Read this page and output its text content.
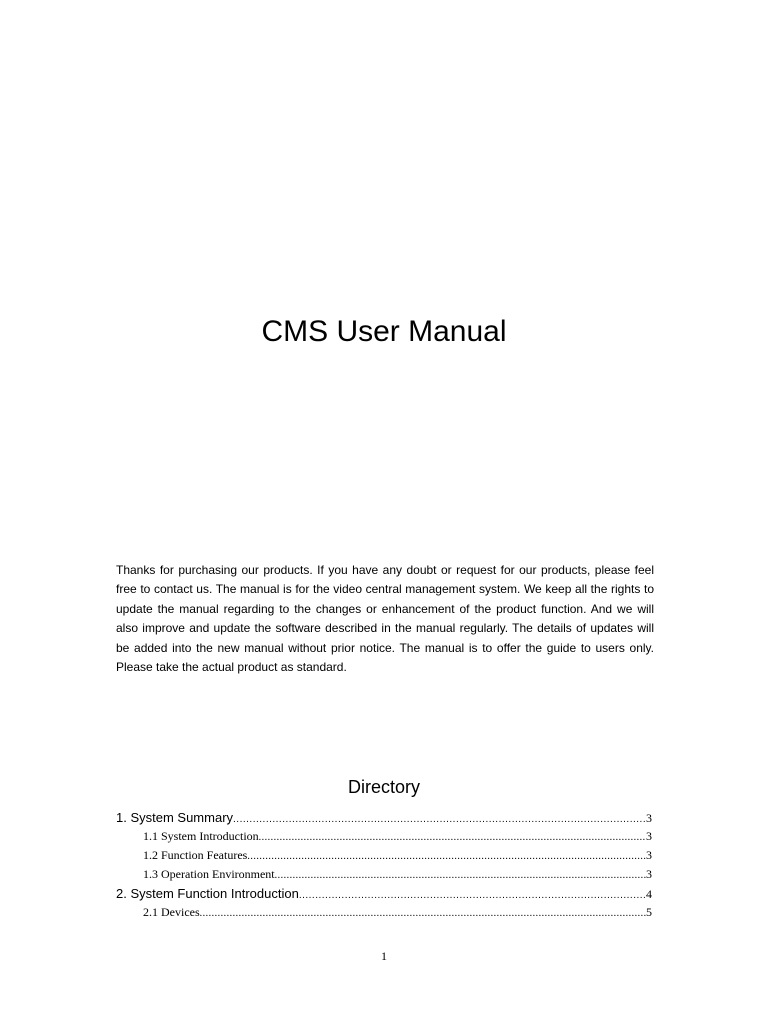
CMS User Manual

Thanks for purchasing our products. If you have any doubt or request for our products, please feel free to contact us. The manual is for the video central management system. We keep all the rights to update the manual regarding to the changes or enhancement of the product function. And we will also improve and update the software described in the manual regularly. The details of updates will be added into the new manual without prior notice. The manual is to offer the guide to users only. Please take the actual product as standard.

Directory
1. System Summary .....	3
1.1 System Introduction .....	3
1.2 Function Features .....	3
1.3 Operation Environment .....	3
2. System Function Introduction .....	4
2.1 Devices .....	5
1
